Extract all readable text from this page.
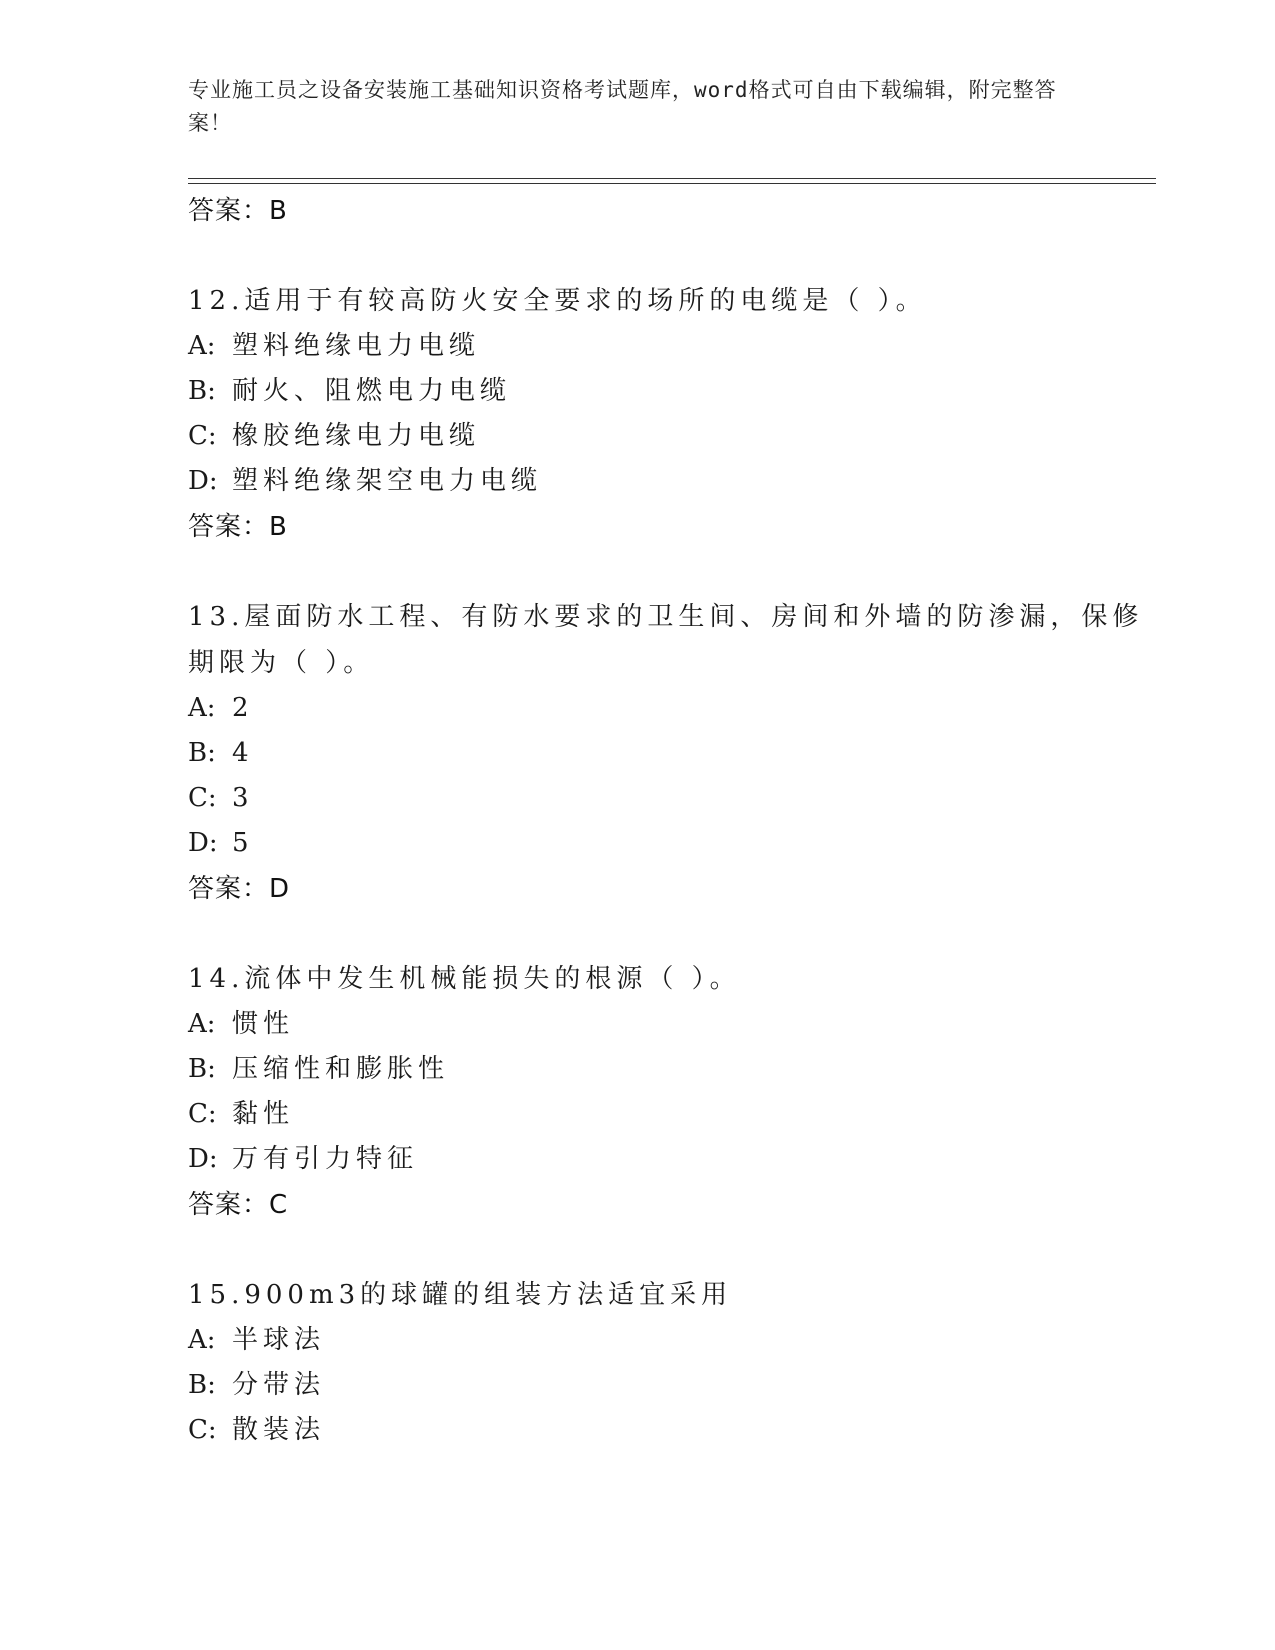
专业施工员之设备安装施工基础知识资格考试题库，word格式可自由下载编辑，附完整答案！
答案：B
12.适用于有较高防火安全要求的场所的电缆是（ ）。
A: 塑料绝缘电力电缆
B: 耐火、阻燃电力电缆
C: 橡胶绝缘电力电缆
D: 塑料绝缘架空电力电缆
答案：B
13.屋面防水工程、有防水要求的卫生间、房间和外墙的防渗漏，保修期限为（ ）。
A: 2
B: 4
C: 3
D: 5
答案：D
14.流体中发生机械能损失的根源（ ）。
A: 惯性
B: 压缩性和膨胀性
C: 黏性
D: 万有引力特征
答案：C
15.900m3的球罐的组装方法适宜采用
A: 半球法
B: 分带法
C: 散装法
